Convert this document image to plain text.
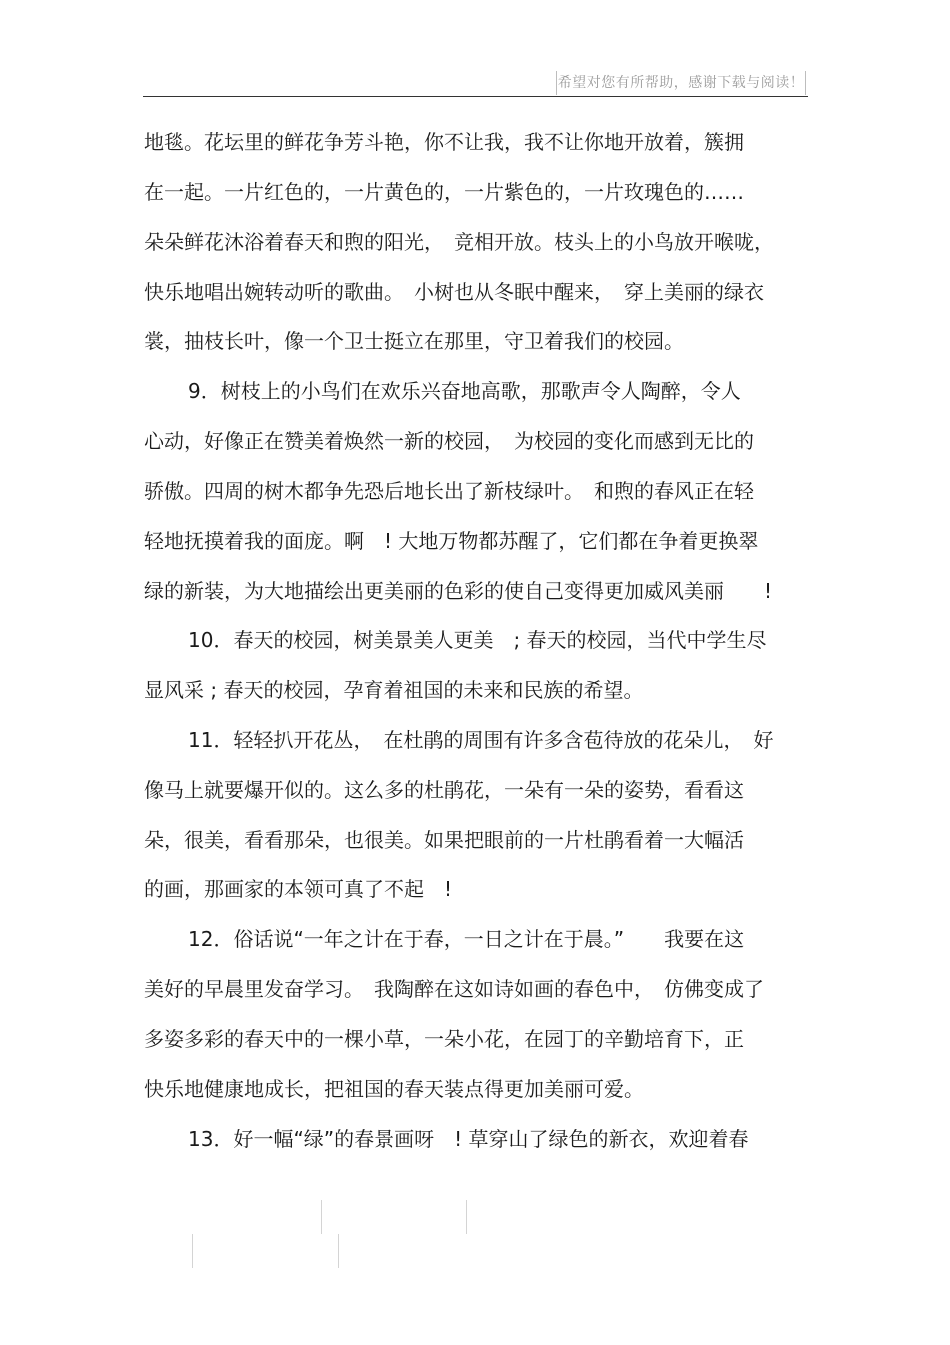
希望对您有所帮助，感谢下载与阅读！
地毯。花坛里的鲜花争芳斗艳，你不让我，我不让你地开放着，簇拥
在一起。一片红色的，一片黄色的，一片紫色的，一片玫瑰色的……
朵朵鲜花沐浴着春天和煦的阳光，　竞相开放。枝头上的小鸟放开喉咙，
快乐地唱出婉转动听的歌曲。　小树也从冬眠中醒来，　穿上美丽的绿衣
裳，抽枝长叶，像一个卫士挺立在那里，守卫着我们的校园。
9．树枝上的小鸟们在欢乐兴奋地高歌，那歌声令人陶醉，令人
心动，好像正在赞美着焕然一新的校园，　为校园的变化而感到无比的
骄傲。四周的树木都争先恐后地长出了新枝绿叶。　和煦的春风正在轻
轻地抚摸着我的面庞。啊　! 大地万物都苏醒了，它们都在争着更换翠
绿的新装，为大地描绘出更美丽的色彩的使自己变得更加威风美丽　　!
10．春天的校园，树美景美人更美　; 春天的校园，当代中学生尽
显风采 ; 春天的校园，孕育着祖国的未来和民族的希望。
11．轻轻扒开花丛，　在杜鹃的周围有许多含苞待放的花朵儿，　好
像马上就要爆开似的。这么多的杜鹃花，一朵有一朵的姿势，看看这
朵，很美，看看那朵，也很美。如果把眼前的一片杜鹃看着一大幅活
的画，那画家的本领可真了不起　!
12．俗话说“一年之计在于春，一日之计在于晨。”　　我要在这
美好的早晨里发奋学习。　我陶醉在这如诗如画的春色中，　仿佛变成了
多姿多彩的春天中的一棵小草，一朵小花，在园丁的辛勤培育下，正
快乐地健康地成长，把祖国的春天装点得更加美丽可爱。
13．好一幅“绿”的春景画呀　! 草穿山了绿色的新衣，欢迎着春
